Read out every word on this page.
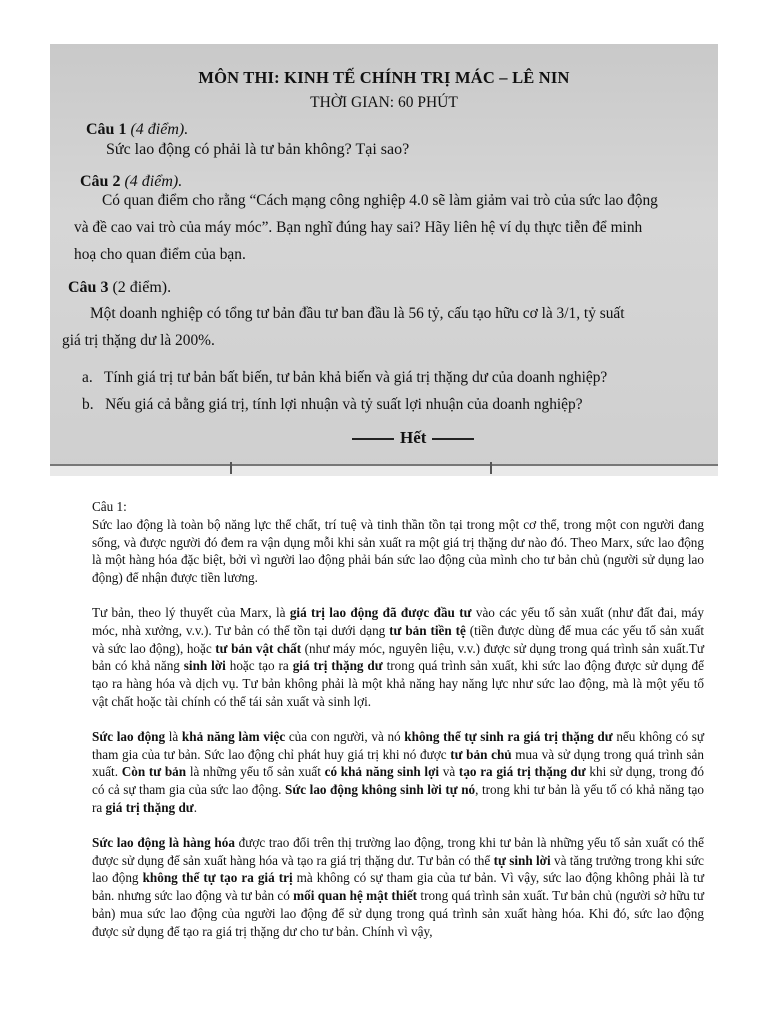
MÔN THI: KINH TẾ CHÍNH TRỊ MÁC – LÊ NIN
THỜI GIAN: 60 PHÚT
Câu 1 (4 điểm).
Sức lao động có phải là tư bản không? Tại sao?
Câu 2 (4 điểm).
Có quan điểm cho rằng “Cách mạng công nghiệp 4.0 sẽ làm giảm vai trò của sức lao động
và đề cao vai trò của máy móc”. Bạn nghĩ đúng hay sai? Hãy liên hệ ví dụ thực tiễn để minh
hoạ cho quan điểm của bạn.
Câu 3 (2 điểm).
Một doanh nghiệp có tổng tư bản đầu tư ban đầu là 56 tỷ, cấu tạo hữu cơ là 3/1, tỷ suất
giá trị thặng dư là 200%.
a. Tính giá trị tư bản bất biến, tư bản khả biến và giá trị thặng dư của doanh nghiệp?
b. Nếu giá cả bằng giá trị, tính lợi nhuận và tỷ suất lợi nhuận của doanh nghiệp?
Hết

Câu 1:

Sức lao động là toàn bộ năng lực thể chất, trí tuệ và tinh thần tồn tại trong một cơ thể, trong một con người đang sống, và được người đó đem ra vận dụng mỗi khi sản xuất ra một giá trị thặng dư nào đó. Theo Marx, sức lao động là một hàng hóa đặc biệt, bởi vì người lao động phải bán sức lao động của mình cho tư bản chủ (người sử dụng lao động) để nhận được tiền lương.

Tư bản, theo lý thuyết của Marx, là giá trị lao động đã được đầu tư vào các yếu tố sản xuất (như đất đai, máy móc, nhà xưởng, v.v.). Tư bản có thể tồn tại dưới dạng tư bản tiền tệ (tiền được dùng để mua các yếu tố sản xuất và sức lao động), hoặc tư bản vật chất (như máy móc, nguyên liệu, v.v.) được sử dụng trong quá trình sản xuất.Tư bản có khả năng sinh lời hoặc tạo ra giá trị thặng dư trong quá trình sản xuất, khi sức lao động được sử dụng để tạo ra hàng hóa và dịch vụ. Tư bản không phải là một khả năng hay năng lực như sức lao động, mà là một yếu tố vật chất hoặc tài chính có thể tái sản xuất và sinh lợi.

Sức lao động là khả năng làm việc của con người, và nó không thể tự sinh ra giá trị thặng dư nếu không có sự tham gia của tư bản. Sức lao động chỉ phát huy giá trị khi nó được tư bản chủ mua và sử dụng trong quá trình sản xuất. Còn tư bản là những yếu tố sản xuất có khả năng sinh lợi và tạo ra giá trị thặng dư khi sử dụng, trong đó có cả sự tham gia của sức lao động. Sức lao động không sinh lời tự nó, trong khi tư bản là yếu tố có khả năng tạo ra giá trị thặng dư.

Sức lao động là hàng hóa được trao đổi trên thị trường lao động, trong khi tư bản là những yếu tố sản xuất có thể được sử dụng để sản xuất hàng hóa và tạo ra giá trị thặng dư. Tư bản có thể tự sinh lời và tăng trưởng trong khi sức lao động không thể tự tạo ra giá trị mà không có sự tham gia của tư bản. Vì vậy, sức lao động không phải là tư bản. nhưng sức lao động và tư bản có mối quan hệ mật thiết trong quá trình sản xuất. Tư bản chủ (người sở hữu tư bản) mua sức lao động của người lao động để sử dụng trong quá trình sản xuất hàng hóa. Khi đó, sức lao động được sử dụng để tạo ra giá trị thặng dư cho tư bản. Chính vì vậy,
